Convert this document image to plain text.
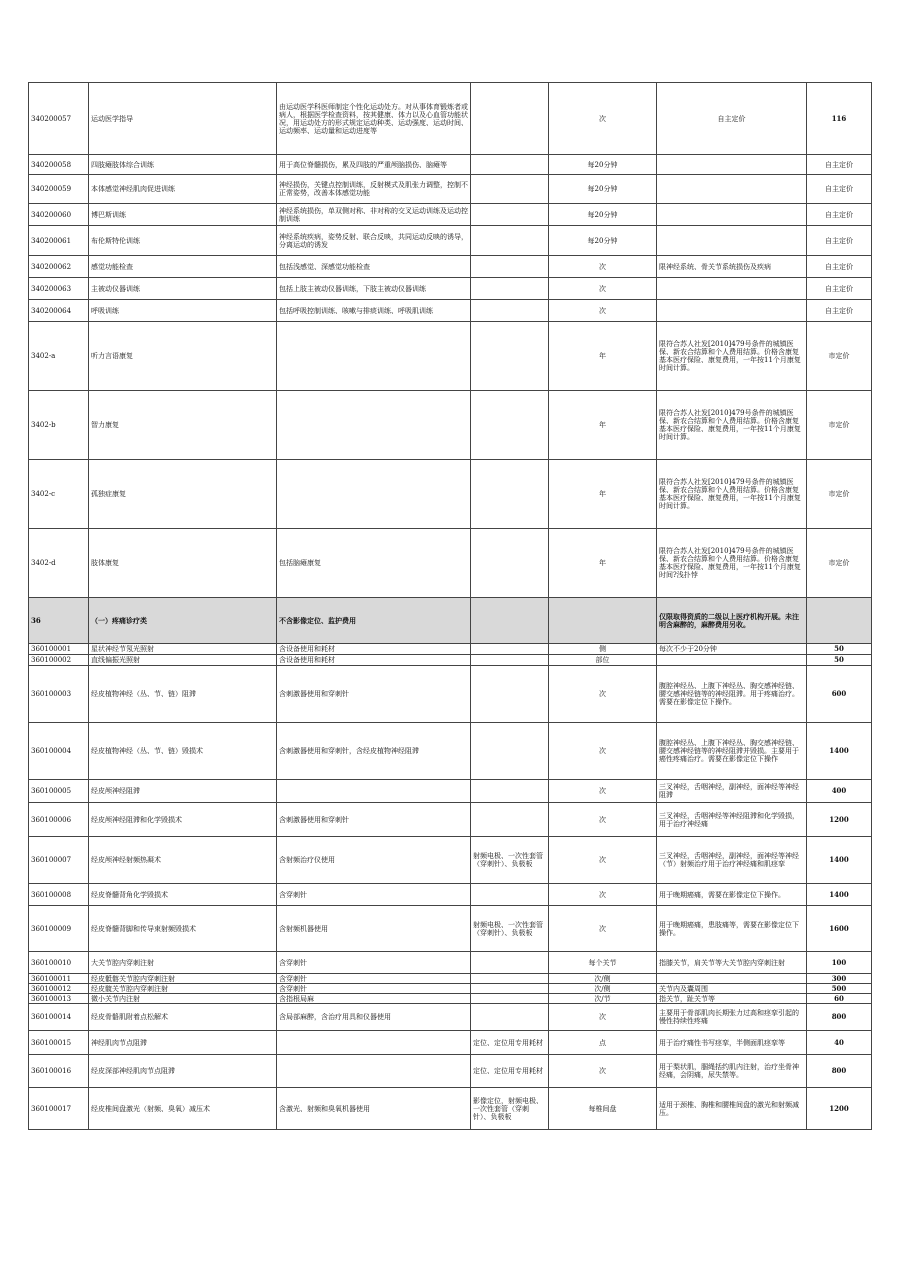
340200057	运动医学指导	由运动医学科医师制定个性化运动处方。对从事体育锻炼者或病人，根据医学检查资料，按其健康、体力以及心血管功能状况，用运动处方的形式规定运动种类、运动强度、运动时间、运动频率、运动量和运动进度等		次	自主定价	116
340200058	四肢瘫肢体综合训练	用于高位脊髓损伤，累及四肢的严重颅脑损伤、脑瘫等		每20分钟		自主定价
340200059	本体感觉神经肌肉促进训练	神经损伤，关键点控制训练，反射模式及肌张力调整，控制不正常姿势，改善本体感觉功能		每20分钟		自主定价
340200060	博巴斯训练	神经系统损伤，单双侧对称、非对称的交叉运动训练及运动控制训练		每20分钟		自主定价
340200061	布伦斯特伦训练	神经系统疾病，姿势反射、联合反映，共同运动反映的诱导，分离运动的诱发		每20分钟		自主定价
340200062	感觉功能检查	包括浅感觉、深感觉功能检查		次	限神经系统、骨关节系统损伤及疾病	自主定价
340200063	主被动仪器训练	包括上肢主被动仪器训练，下肢主被动仪器训练		次		自主定价
340200064	呼吸训练	包括呼吸控制训练、咳嗽与排痰训练、呼吸肌训练		次		自主定价
3402-a	听力言语康复			年	限符合苏人社发[2010]479号条件的城镇医保、新农合结算和个人费用结算。价格含康复基本医疗保险、康复费用，一年按11个月康复时间计算。	市定价
3402-b	智力康复			年	限符合苏人社发[2010]479号条件的城镇医保、新农合结算和个人费用结算。价格含康复基本医疗保险、康复费用，一年按11个月康复时间计算。	市定价
3402-c	孤独症康复			年	限符合苏人社发[2010]479号条件的城镇医保、新农合结算和个人费用结算。价格含康复基本医疗保险、康复费用，一年按11个月康复时间计算。	市定价
3402-d	肢体康复	包括脑瘫康复		年	限符合苏人社发[2010]479号条件的城镇医保、新农合结算和个人费用结算。价格含康复基本医疗保险、康复费用，一年按11个月康复时间?浅扑悖	市定价
36	（一）疼痛诊疗类	不含影像定位、监护费用			仅限取得资质的二级以上医疗机构开展。未注明含麻醉的，麻醉费用另收。	
360100001	星状神经节氖光照射	含设备使用和耗材		侧	每次不少于20分钟	50
360100002	直线偏振光照射	含设备使用和耗材		部位		50
360100003	经皮植物神经（丛、节、链）阻滞	含刺激器使用和穿刺针		次	腹腔神经丛、上腹下神经丛、胸交感神经链、腰交感神经链等的神经阻滞。用于疼痛治疗。需要在影像定位下操作。	600
360100004	经皮植物神经（丛、节、链）毁损术	含刺激器使用和穿刺针，含经皮植物神经阻滞		次	腹腔神经丛、上腹下神经丛、胸交感神经链、腰交感神经链等的神经阻滞并毁损。主要用于癌性疼痛治疗。需要在影像定位下操作	1400
360100005	经皮颅神经阻滞			次	三叉神经，舌咽神经，副神经，面神经等神经阻滞	400
360100006	经皮颅神经阻滞和化学毁损术	含刺激器使用和穿刺针		次	三叉神经，舌咽神经等神经阻滞和化学毁损，用于治疗神经痛	1200
360100007	经皮颅神经射频热凝术	含射频治疗仪使用	射频电极、一次性套管（穿刺针）、负极板	次	三叉神经，舌咽神经，副神经，面神经等神经（节）射频治疗用于治疗神经痛和肌痉挛	1400
360100008	经皮脊髓背角化学毁损术	含穿刺针		次	用于晚期癌痛，需要在影像定位下操作。	1400
360100009	经皮脊髓背脚和传导束射频毁损术	含射频机器使用	射频电极、一次性套管（穿刺针）、负极板	次	用于晚期癌痛，患肢痛等，需要在影像定位下操作。	1600
360100010	大关节腔内穿刺注射	含穿刺针		每个关节	指膝关节，肩关节等大关节腔内穿刺注射	100
360100011	经皮骶髂关节腔内穿刺注射	含穿刺针		次/侧		300
360100012	经皮髋关节腔内穿刺注射	含穿刺针		次/侧	关节内及囊周围	500
360100013	微小关节内注射	含指根局麻		次/节	指关节，趾关节等	60
360100014	经皮骨骼肌附着点松解术	含局部麻醉，含治疗用具和仪器使用		次	主要用于骨部肌肉长期张力过高和痉挛引起的慢性持续性疼痛	800
360100015	神经肌肉节点阻滞		定位、定位用专用耗材	点	用于治疗痛性书写痉挛，半侧面肌痉挛等	40
360100016	经皮深部神经肌肉节点阻滞		定位、定位用专用耗材	次	用于梨状肌，腘绳括约肌内注射，治疗坐骨神经痛，会阴痛，尿失禁等。	800
360100017	经皮椎间盘激光（射频、臭氧）减压术	含激光、射频和臭氧机器使用	影像定位，射频电极、一次性套管（穿刺针）、负极板	每椎间盘	适用于颈椎、胸椎和腰椎间盘的激光和射频减压。	1200
